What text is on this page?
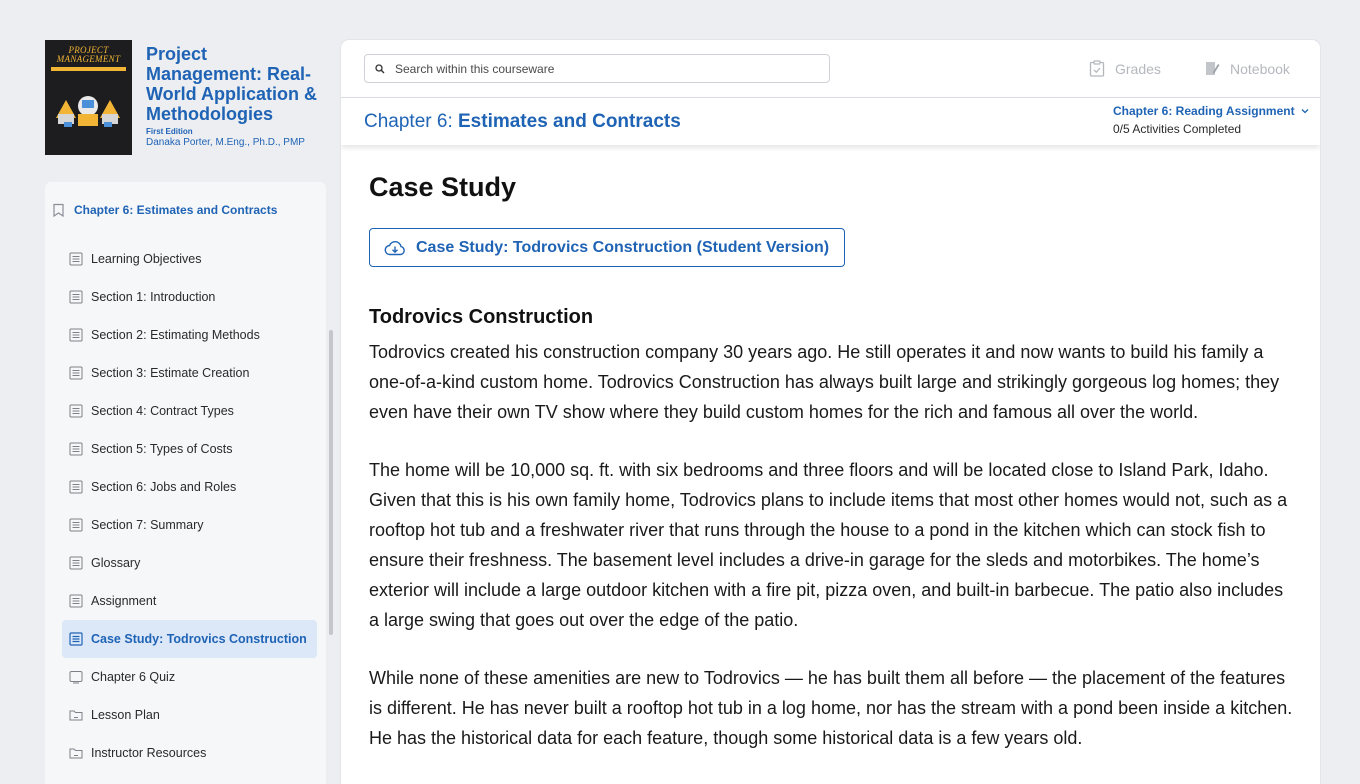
PROJECT
MANAGEMENT	Project Management: Real-World Application & Methodologies
First Edition
Danaka Porter, M.Eng., Ph.D., PMP
Chapter 6: Estimates and Contracts
Learning Objectives
Section 1: Introduction
Section 2: Estimating Methods
Section 3: Estimate Creation
Section 4: Contract Types
Section 5: Types of Costs
Section 6: Jobs and Roles
Section 7: Summary
Glossary
Assignment
Case Study: Todrovics Construction
Chapter 6 Quiz
Lesson Plan
Instructor Resources
Search within this courseware
Grades	Notebook
Chapter 6: Estimates and Contracts	Chapter 6: Reading Assignment
0/5 Activities Completed
Case Study
Case Study: Todrovics Construction (Student Version)
Todrovics Construction

Todrovics created his construction company 30 years ago. He still operates it and now wants to build his family a one-of-a-kind custom home. Todrovics Construction has always built large and strikingly gorgeous log homes; they even have their own TV show where they build custom homes for the rich and famous all over the world.

The home will be 10,000 sq. ft. with six bedrooms and three floors and will be located close to Island Park, Idaho. Given that this is his own family home, Todrovics plans to include items that most other homes would not, such as a rooftop hot tub and a freshwater river that runs through the house to a pond in the kitchen which can stock fish to ensure their freshness. The basement level includes a drive-in garage for the sleds and motorbikes. The home’s exterior will include a large outdoor kitchen with a fire pit, pizza oven, and built-in barbecue. The patio also includes a large swing that goes out over the edge of the patio.

While none of these amenities are new to Todrovics — he has built them all before — the placement of the features is different. He has never built a rooftop hot tub in a log home, nor has the stream with a pond been inside a kitchen. He has the historical data for each feature, though some historical data is a few years old.
